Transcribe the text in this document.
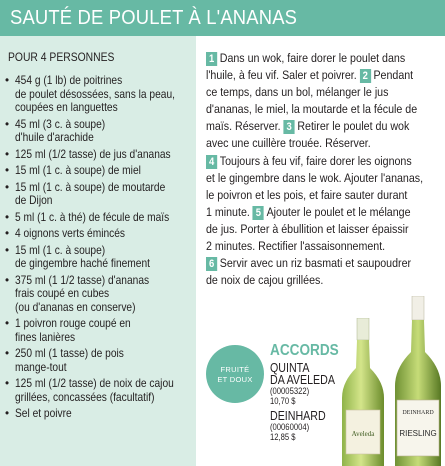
SAUTÉ DE POULET À L'ANANAS
POUR 4 PERSONNES
• 454 g (1 lb) de poitrines
de poulet désossées, sans la peau,
coupées en languettes
• 45 ml (3 c. à soupe)
d'huile d'arachide
• 125 ml (1/2 tasse) de jus d'ananas
• 15 ml (1 c. à soupe) de miel
• 15 ml (1 c. à soupe) de moutarde
de Dijon
• 5 ml (1 c. à thé) de fécule de maïs
• 4 oignons verts émincés
• 15 ml (1 c. à soupe)
de gingembre haché finement
• 375 ml (1 1/2 tasse) d'ananas
frais coupé en cubes
(ou d'ananas en conserve)
• 1 poivron rouge coupé en
fines lanières
• 250 ml (1 tasse) de pois
mange-tout
• 125 ml (1/2 tasse) de noix de cajou
grillées, concassées (facultatif)
• Sel et poivre
1 Dans un wok, faire dorer le poulet dans
l'huile, à feu vif. Saler et poivrer. 2 Pendant
ce temps, dans un bol, mélanger le jus
d'ananas, le miel, la moutarde et la fécule de
maïs. Réserver. 3 Retirer le poulet du wok
avec une cuillère trouée. Réserver.
4 Toujours à feu vif, faire dorer les oignons
et le gingembre dans le wok. Ajouter l'ananas,
le poivron et les pois, et faire sauter durant
1 minute. 5 Ajouter le poulet et le mélange
de jus. Porter à ébullition et laisser épaissir
2 minutes. Rectifier l'assaisonnement.
6 Servir avec un riz basmati et saupoudrer
de noix de cajou grillées.
FRUITÉ
ET DOUX
ACCORDS
QUINTA
DA AVELEDA
(00005322)
10,70 $
DEINHARD
(00060004)
12,85 $	Aveleda
DEINHARD
RIESLING
